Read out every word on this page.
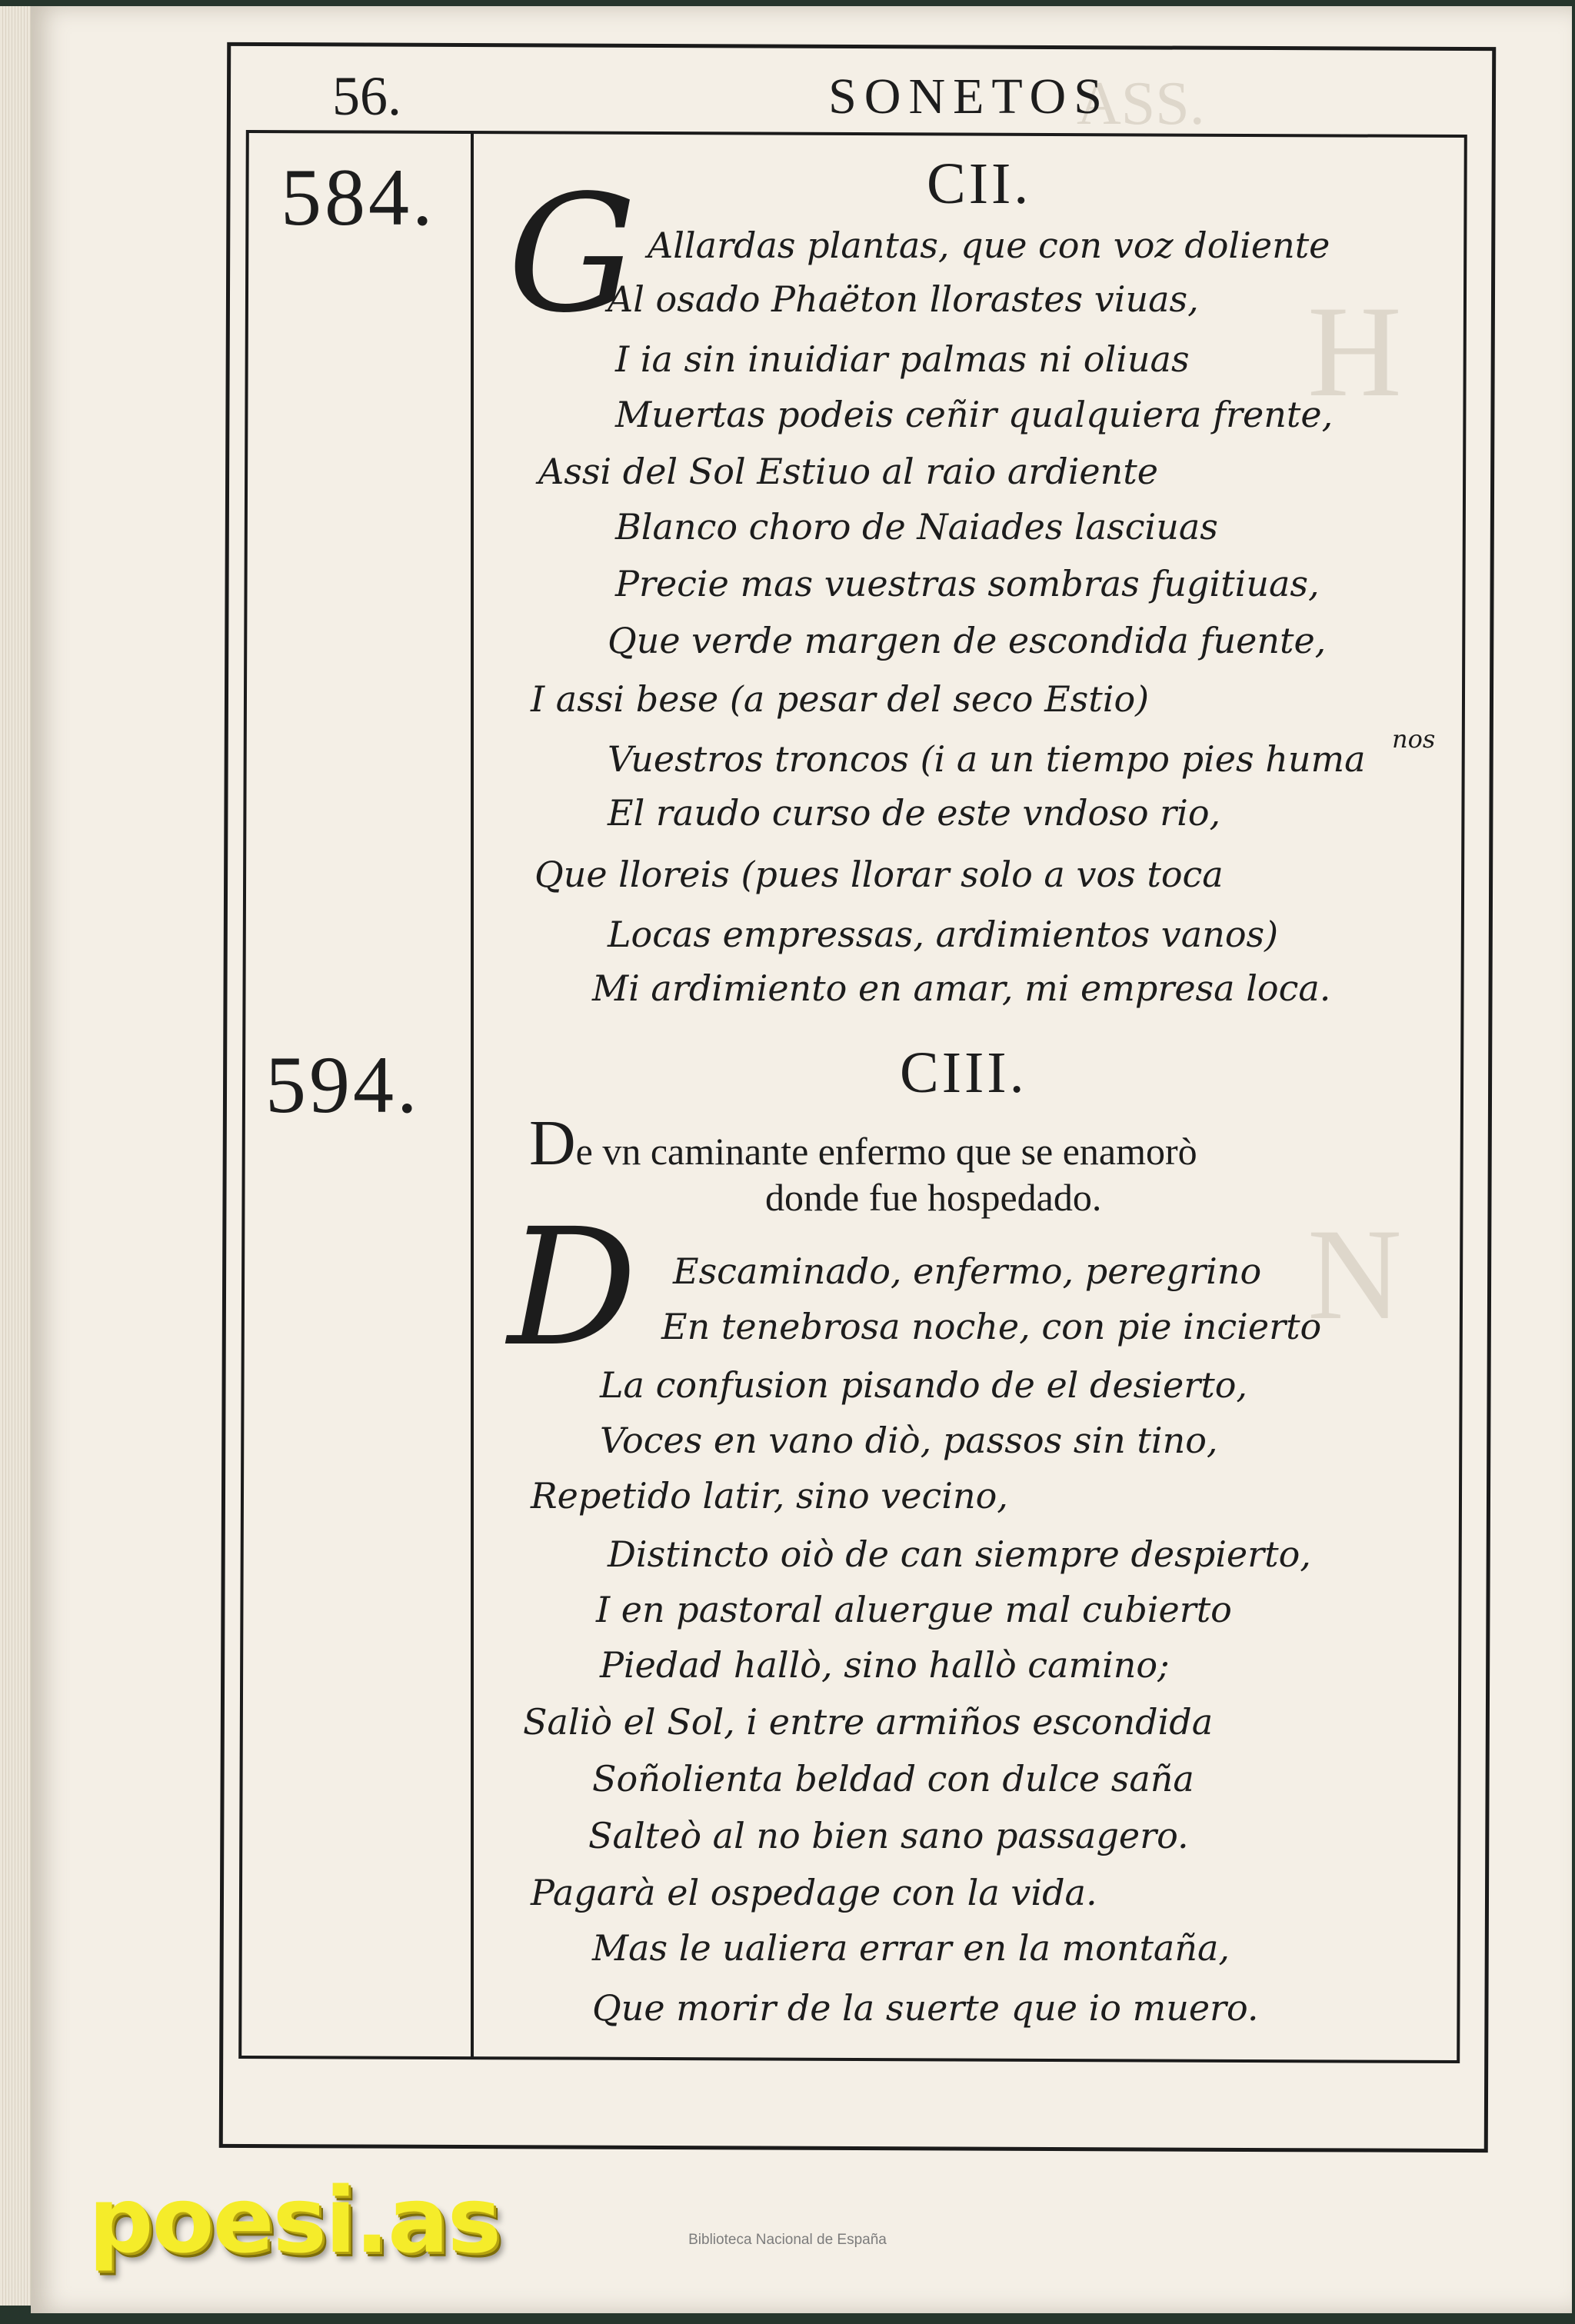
ASS.
H
N
56.	SONETOS
584.	CII.
G Allardas plantas, que con voz doliente
Al osado Phaëton llorastes viuas,
I ia sin inuidiar palmas ni oliuas
Muertas podeis ceñir qualquiera frente,
Assi del Sol Estiuo al raio ardiente
Blanco choro de Naiades lasciuas
Precie mas vuestras sombras fugitiuas,
Que verde margen de escondida fuente,
I assi bese (a pesar del seco Estio)
Vuestros troncos (i a un tiempo pies huma nos
El raudo curso de este vndoso rio,
Que lloreis (pues llorar solo a vos toca
Locas empressas, ardimientos vanos)
Mi ardimiento en amar, mi empresa loca.
594.	CIII.
De vn caminante enfermo que se enamorò
donde fue hospedado.
D Escaminado, enfermo, peregrino
En tenebrosa noche, con pie incierto
La confusion pisando de el desierto,
Voces en vano diò, passos sin tino,
Repetido latir, sino vecino,
Distincto oiò de can siempre despierto,
I en pastoral aluergue mal cubierto
Piedad hallò, sino hallò camino;
Saliò el Sol, i entre armiños escondida
Soñolienta beldad con dulce saña
Salteò al no bien sano passagero.
Pagarà el ospedage con la vida.
Mas le ualiera errar en la montaña,
Que morir de la suerte que io muero.
poesi.as	Biblioteca Nacional de España
